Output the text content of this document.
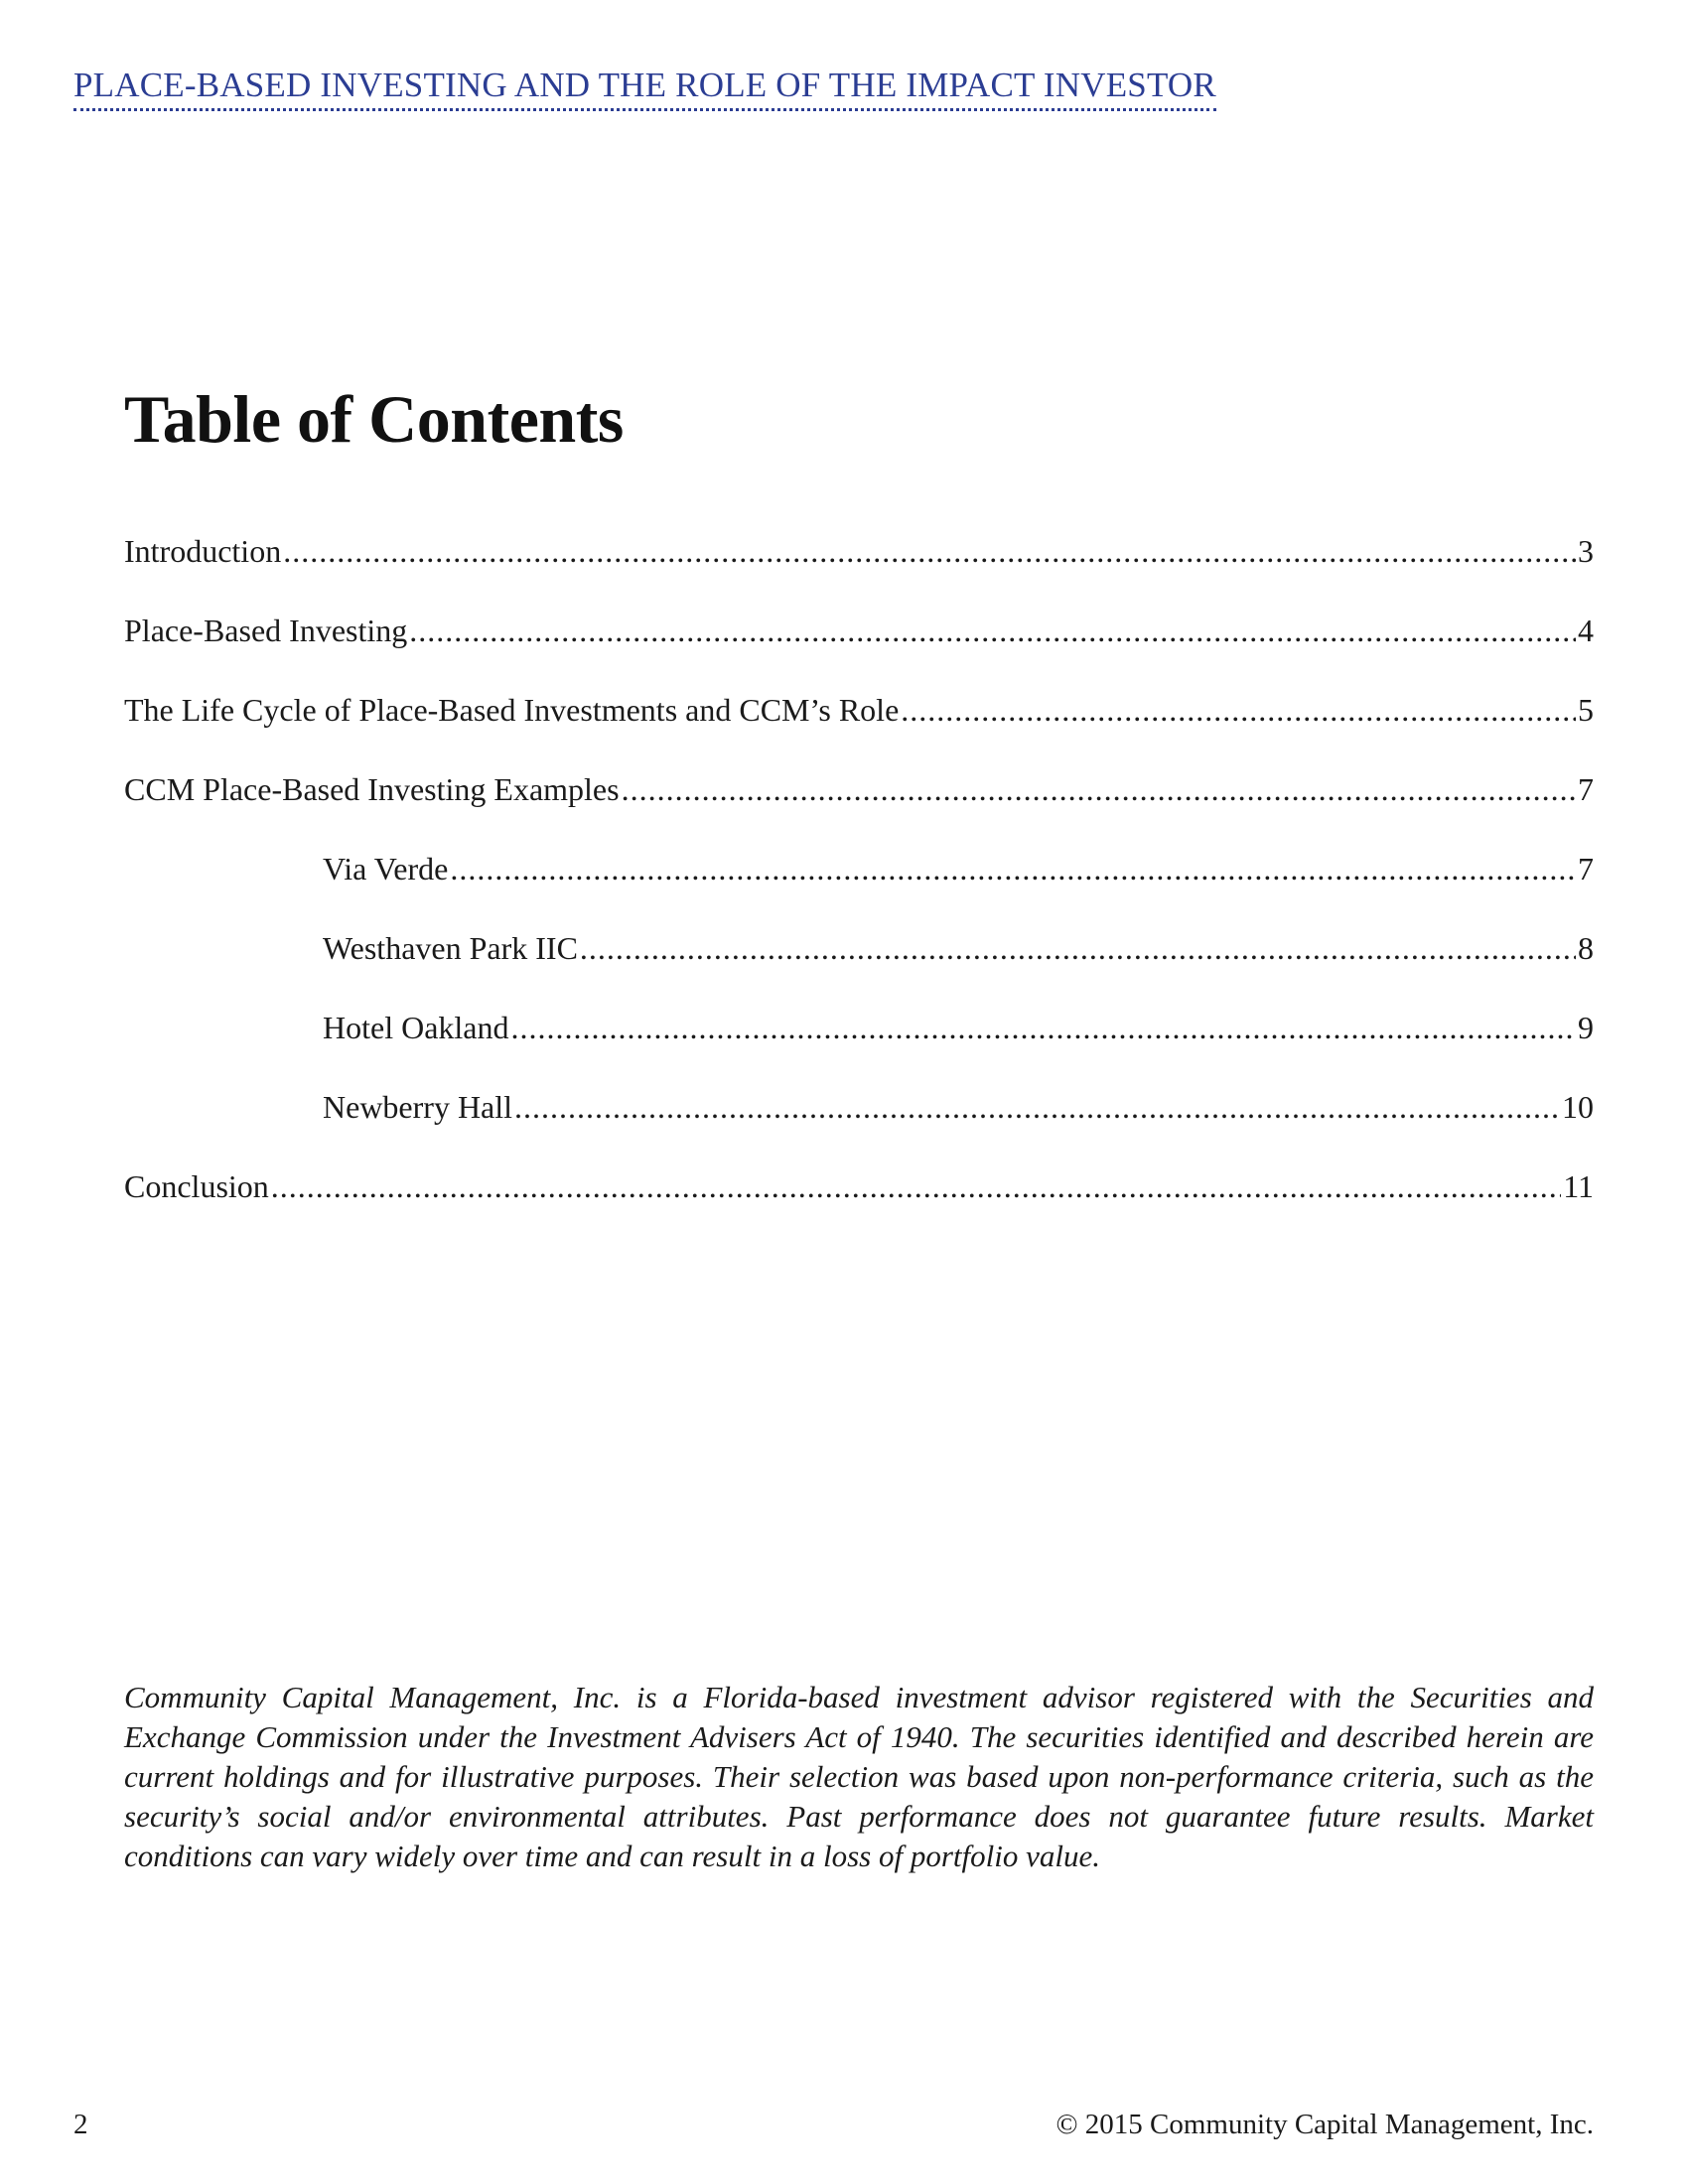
PLACE-BASED INVESTING AND THE ROLE OF THE IMPACT INVESTOR
Table of Contents
Introduction .....	3
Place-Based Investing .....	4
The Life Cycle of Place-Based Investments and CCM’s Role .....	5
CCM Place-Based Investing Examples .....	7
Via Verde .....	7
Westhaven Park IIC .....	8
Hotel Oakland .....	9
Newberry Hall .....	10
Conclusion .....	11

Community Capital Management, Inc. is a Florida-based investment advisor registered with the Securities and Exchange Commission under the Investment Advisers Act of 1940. The securities identified and described herein are current holdings and for illustrative purposes. Their selection was based upon non-performance criteria, such as the security’s social and/or environmental attributes. Past performance does not guarantee future results. Market conditions can vary widely over time and can result in a loss of portfolio value.

2	© 2015 Community Capital Management, Inc.
